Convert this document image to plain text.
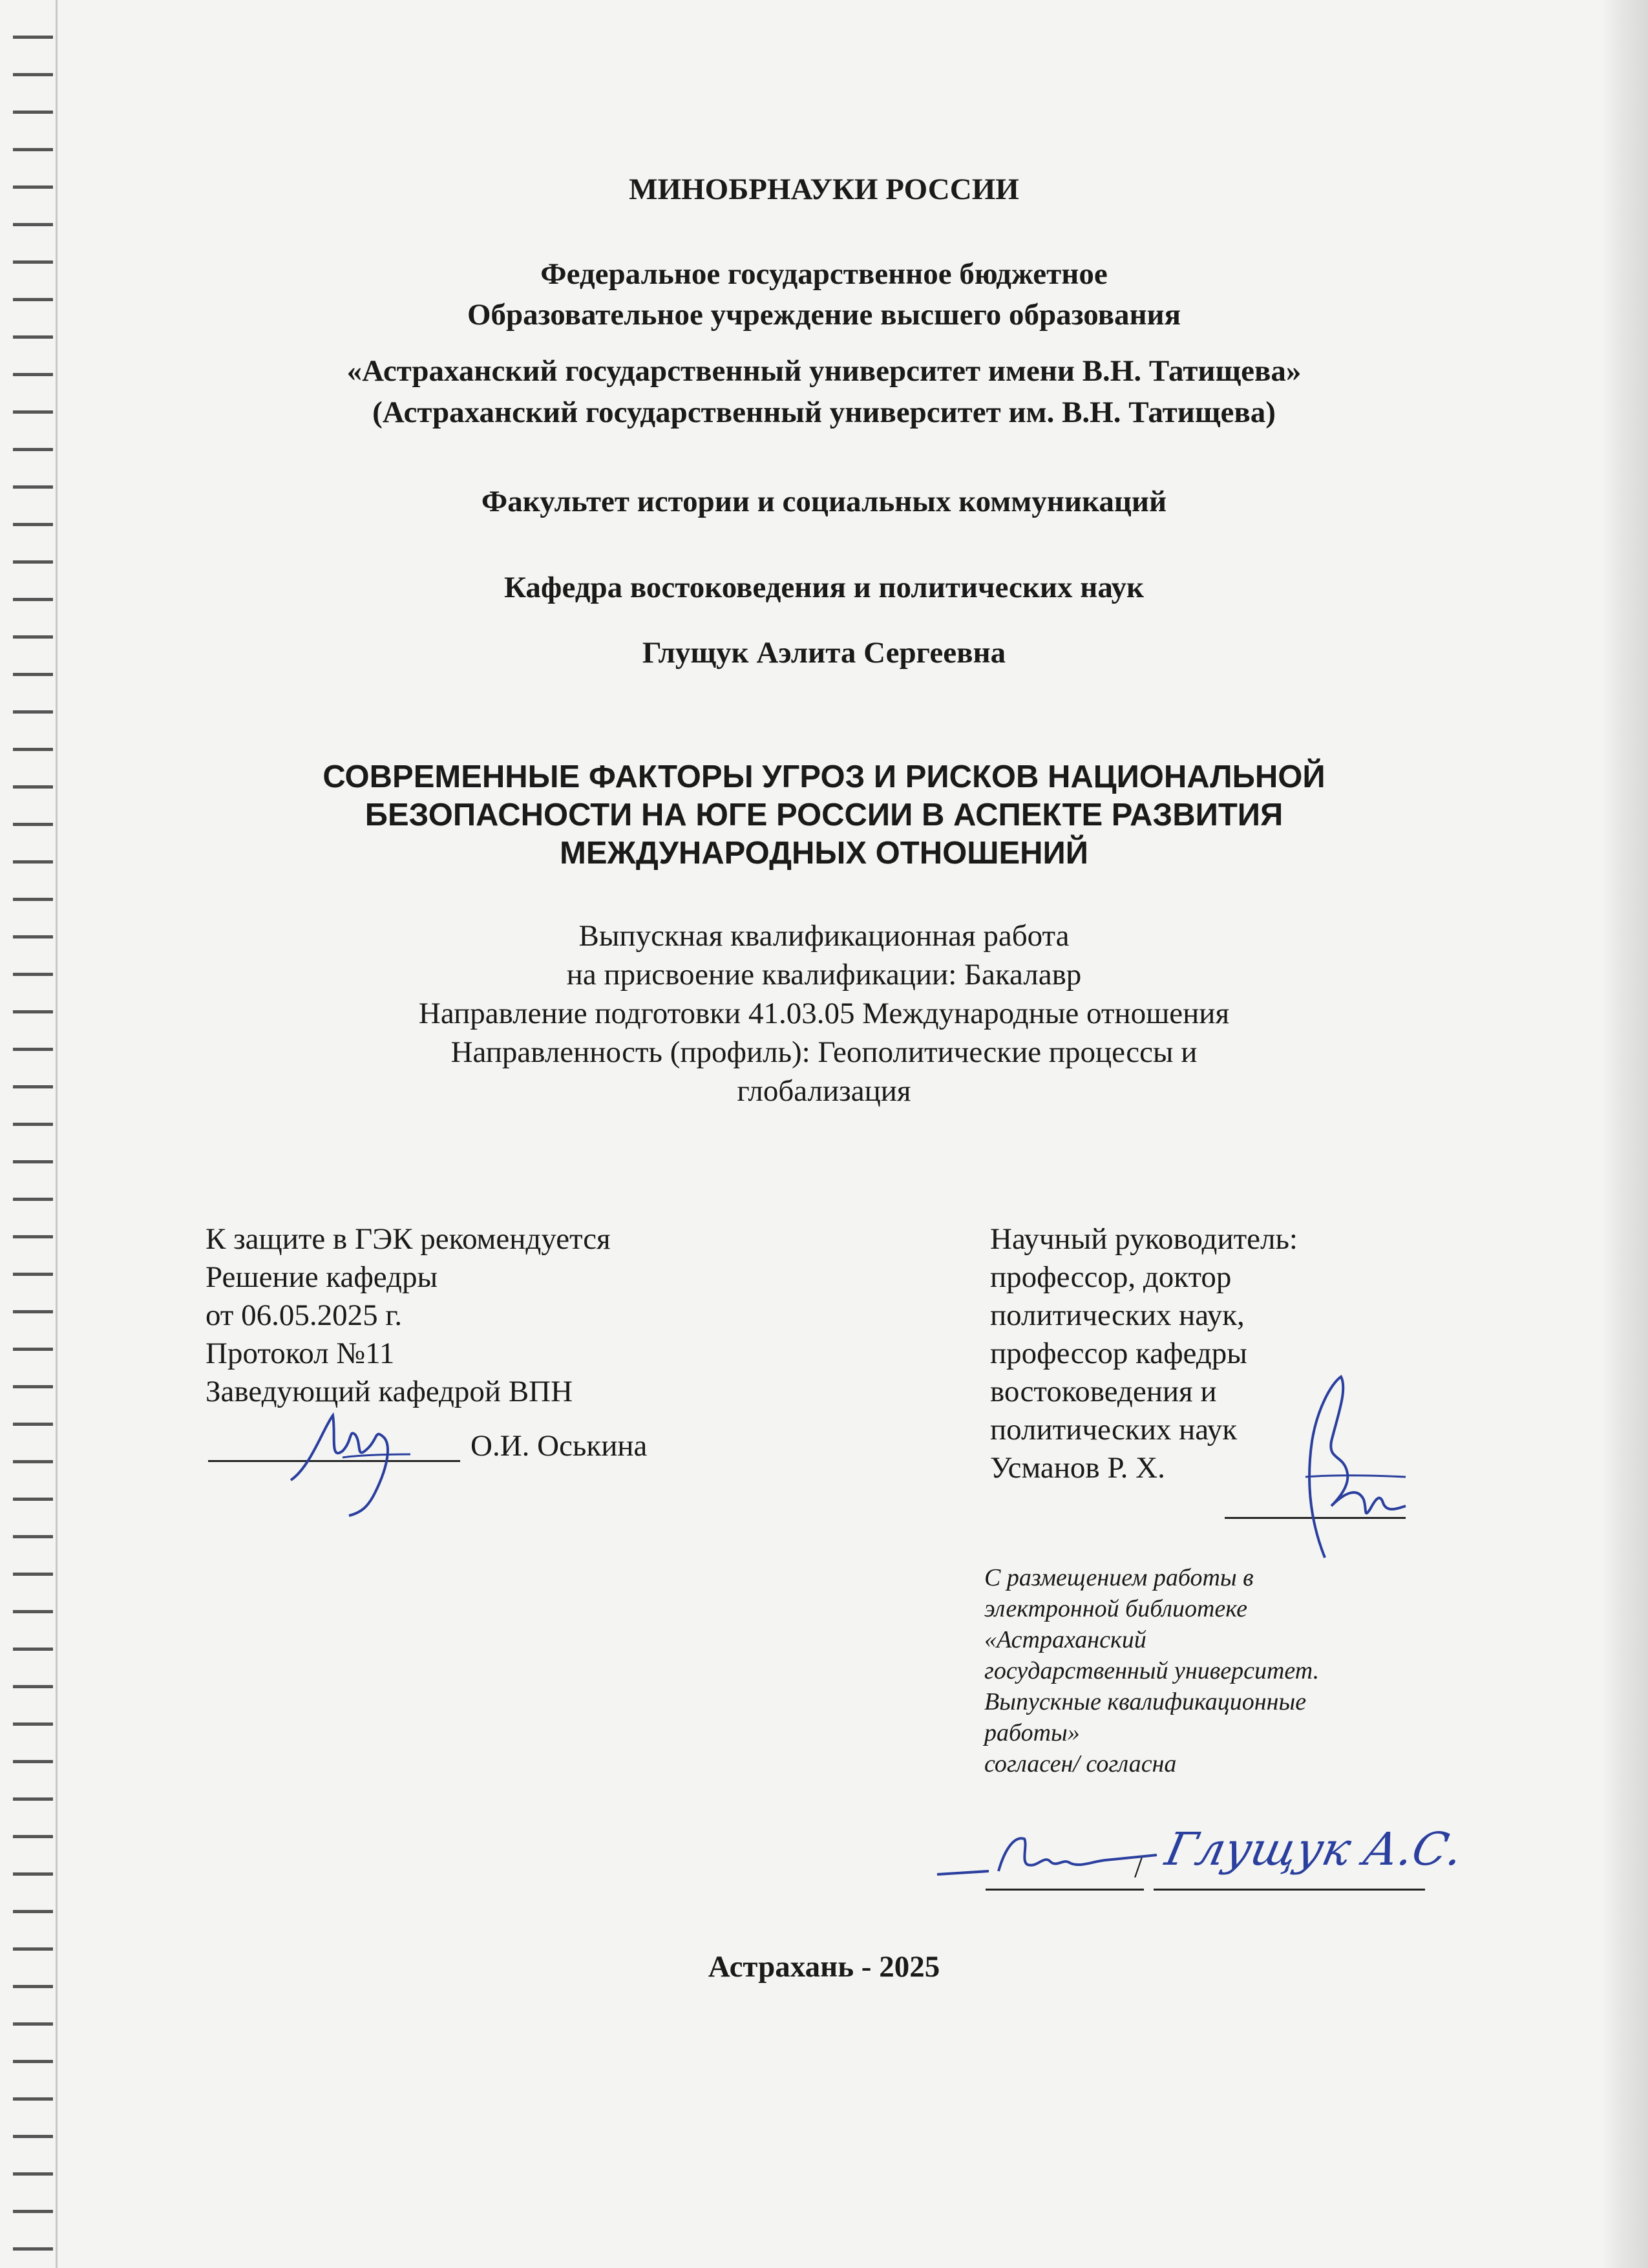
МИНОБРНАУКИ РОССИИ
Федеральное государственное бюджетное
Образовательное учреждение высшего образования
«Астраханский государственный университет имени В.Н. Татищева»
(Астраханский государственный университет им. В.Н. Татищева)
Факультет истории и социальных коммуникаций
Кафедра востоковедения и политических наук
Глущук Аэлита Сергеевна
СОВРЕМЕННЫЕ ФАКТОРЫ УГРОЗ И РИСКОВ НАЦИОНАЛЬНОЙ
БЕЗОПАСНОСТИ НА ЮГЕ РОССИИ В АСПЕКТЕ РАЗВИТИЯ
МЕЖДУНАРОДНЫХ ОТНОШЕНИЙ
Выпускная квалификационная работа
на присвоение квалификации: Бакалавр
Направление подготовки 41.03.05 Международные отношения
Направленность (профиль): Геополитические процессы и
глобализация
К защите в ГЭК рекомендуется
Решение кафедры
от 06.05.2025 г.
Протокол №11
Заведующий кафедрой ВПН
О.И. Оськина
Научный руководитель:
профессор, доктор
политических наук,
профессор кафедры
востоковедения и
политических наук
Усманов Р. Х.
С размещением работы в
электронной библиотеке
«Астраханский
государственный университет.
Выпускные квалификационные
работы»
согласен/ согласна
/ Глущук А.С.
Астрахань - 2025
